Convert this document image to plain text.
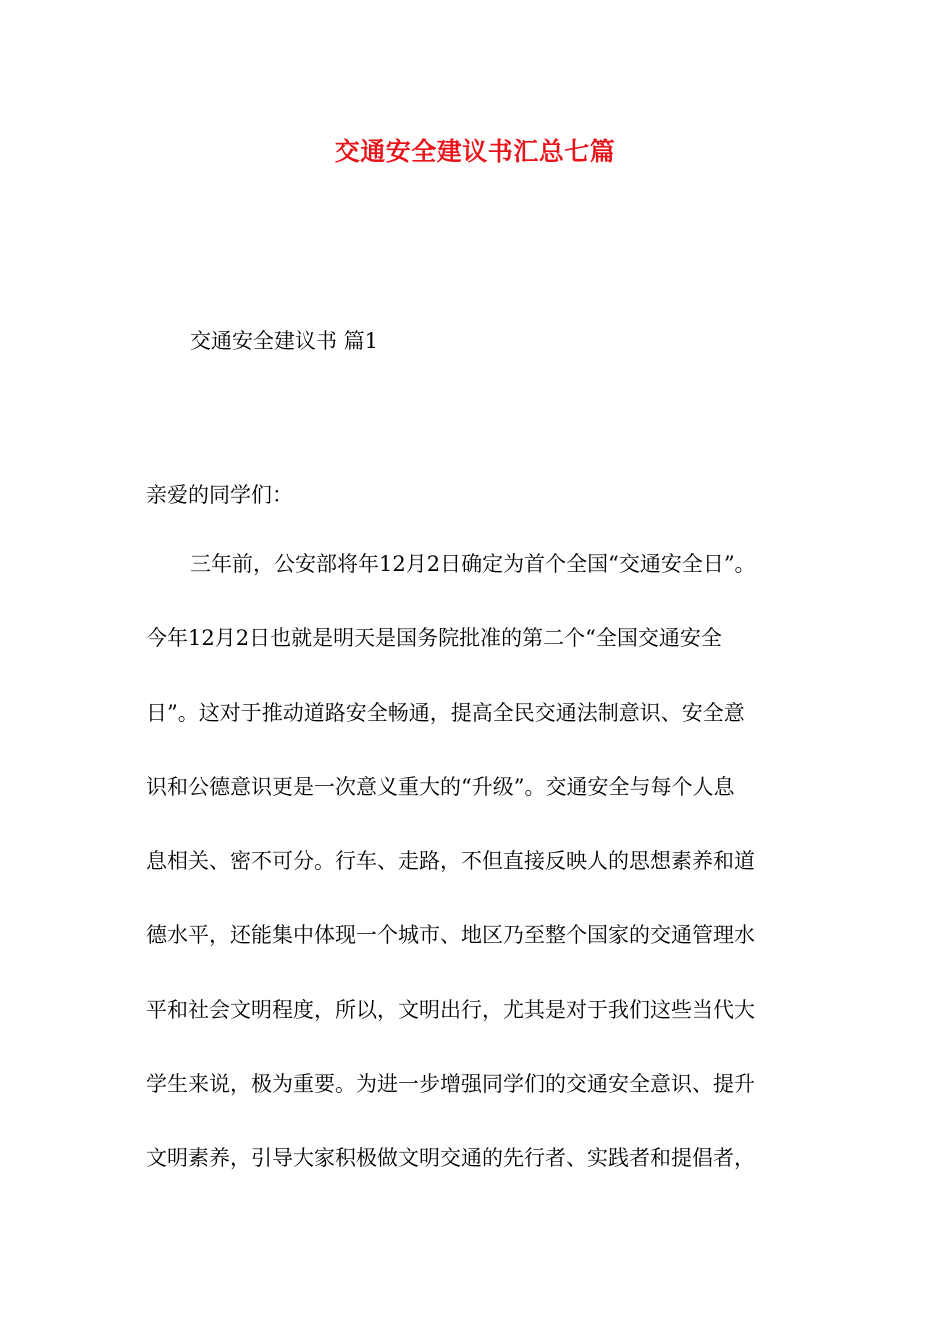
交通安全建议书汇总七篇
交通安全建议书 篇1
亲爱的同学们：
三年前，公安部将年12月2日确定为首个全国“交通安全日”。
今年12月2日也就是明天是国务院批准的第二个“全国交通安全
日”。这对于推动道路安全畅通，提高全民交通法制意识、安全意
识和公德意识更是一次意义重大的“升级”。交通安全与每个人息
息相关、密不可分。行车、走路，不但直接反映人的思想素养和道
德水平，还能集中体现一个城市、地区乃至整个国家的交通管理水
平和社会文明程度，所以，文明出行，尤其是对于我们这些当代大
学生来说，极为重要。为进一步增强同学们的交通安全意识、提升
文明素养，引导大家积极做文明交通的先行者、实践者和提倡者，
